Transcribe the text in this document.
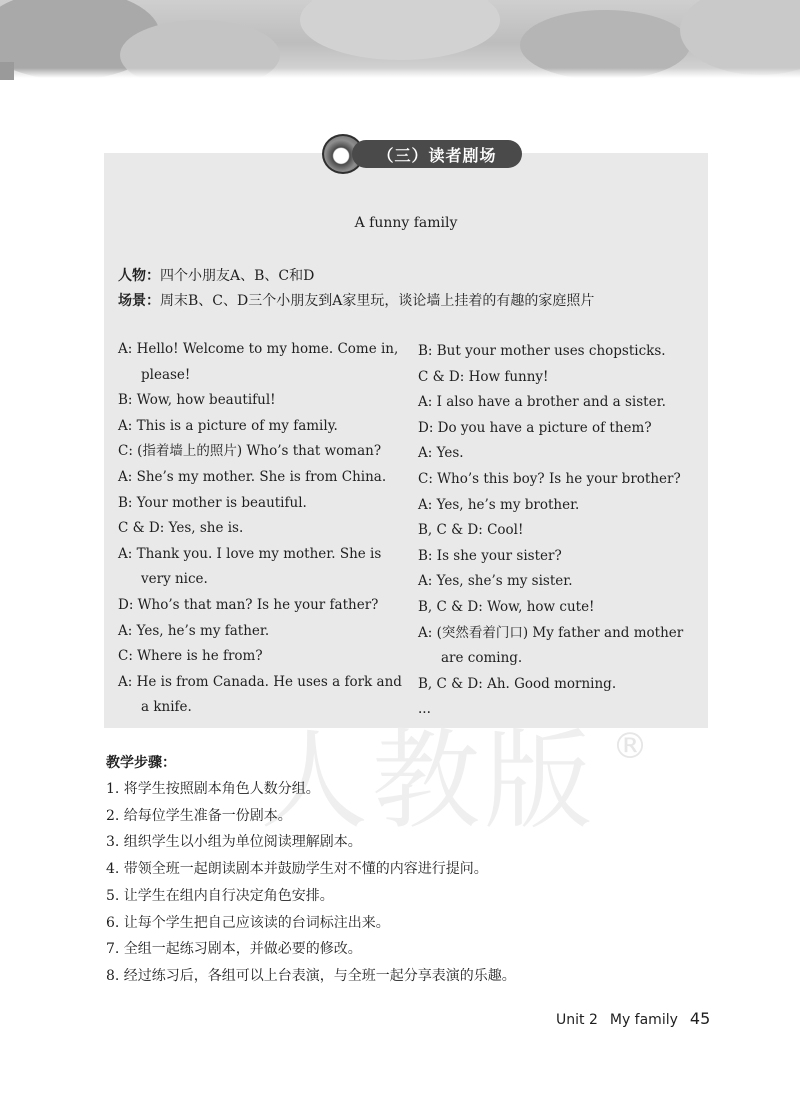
A funny family
人物：四个小朋友A、B、C和D
场景：周末B、C、D三个小朋友到A家里玩，谈论墙上挂着的有趣的家庭照片
A: Hello! Welcome to my home. Come in, please!
B: Wow, how beautiful!
A: This is a picture of my family.
C: (指着墙上的照片) Who’s that woman?
A: She’s my mother. She is from China.
B: Your mother is beautiful.
C & D: Yes, she is.
A: Thank you. I love my mother. She is very nice.
D: Who’s that man? Is he your father?
A: Yes, he’s my father.
C: Where is he from?
A: He is from Canada. He uses a fork and a knife.
B: But your mother uses chopsticks.
C & D: How funny!
A: I also have a brother and a sister.
D: Do you have a picture of them?
A: Yes.
C: Who’s this boy? Is he your brother?
A: Yes, he’s my brother.
B, C & D: Cool!
B: Is she your sister?
A: Yes, she’s my sister.
B, C & D: Wow, how cute!
A: (突然看着门口) My father and mother are coming.
B, C & D: Ah. Good morning.
...
（三）读者剧场
人教版 ®
教学步骤：
1. 将学生按照剧本角色人数分组。
2. 给每位学生准备一份剧本。
3. 组织学生以小组为单位阅读理解剧本。
4. 带领全班一起朗读剧本并鼓励学生对不懂的内容进行提问。
5. 让学生在组内自行决定角色安排。
6. 让每个学生把自己应该读的台词标注出来。
7. 全组一起练习剧本，并做必要的修改。
8. 经过练习后，各组可以上台表演，与全班一起分享表演的乐趣。
Unit 2 My family 45
